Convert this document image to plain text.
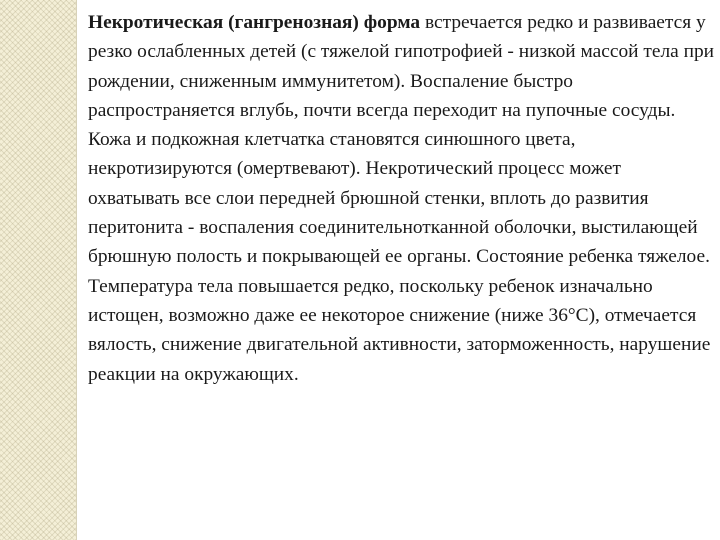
Некротическая (гангренозная) форма встречается редко и развивается у резко ослабленных детей (с тяжелой гипотрофией - низкой массой тела при рождении, сниженным иммунитетом). Воспаление быстро распространяется вглубь, почти всегда переходит на пупочные сосуды. Кожа и подкожная клетчатка становятся синюшного цвета, некротизируются (омертвевают). Некротический процесс может охватывать все слои передней брюшной стенки, вплоть до развития перитонита - воспаления соединительнотканной оболочки, выстилающей брюшную полость и покрывающей ее органы. Состояние ребенка тяжелое. Температура тела повышается редко, поскольку ребенок изначально истощен, возможно даже ее некоторое снижение (ниже 36°С), отмечается вялость, снижение двигательной активности, заторможенность, нарушение реакции на окружающих.
